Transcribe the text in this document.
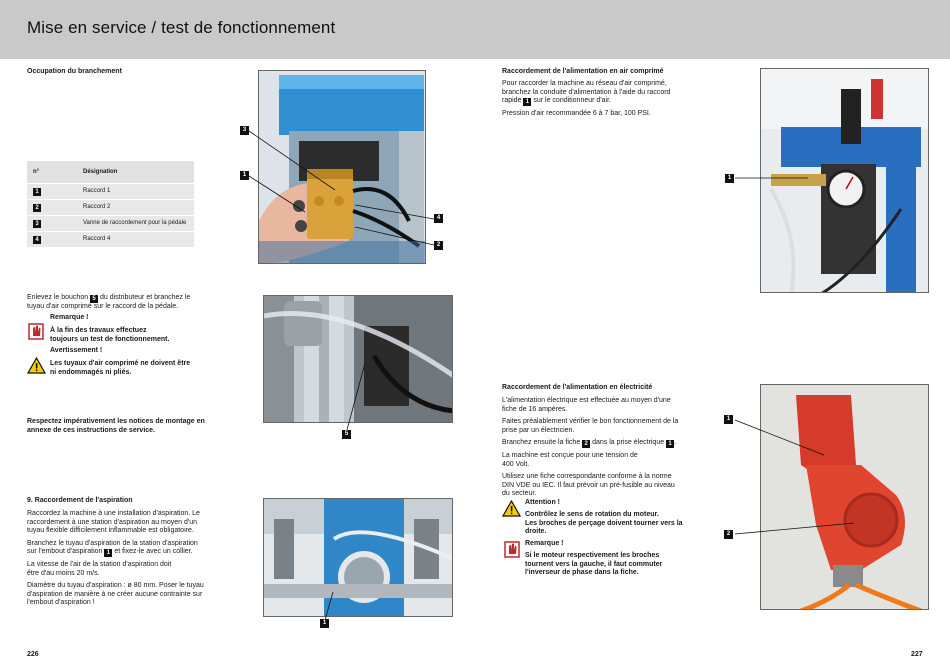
Mise en service / test de fonctionnement
Occupation du branchement
n°	Désignation
1	Raccord 1
2	Raccord 2
3	Vanne de raccordement pour la pédale
4	Raccord 4
3
1
4
2

Enlevez le bouchon 5 du distributeur et branchez le

tuyau d'air comprimé sur le raccord de la pédale.

Remarque !

À la fin des travaux effectuez

toujours un test de fonctionnement.

Avertissement !

Les tuyaux d'air comprimé ne doivent être

ni endommagés ni pliés.

5

Respectez impérativement les notices de montage en

annexe de ces instructions de service.

9. Raccordement de l'aspiration

Raccordez la machine à une installation d'aspiration. Le

raccordement à une station d'aspiration au moyen d'un

tuyau flexible difficilement inflammable est obligatoire.

Branchez le tuyau d'aspiration de la station d'aspiration

sur l'embout d'aspiration 1 et fixez-le avec un collier.

La vitesse de l'air de la station d'aspiration doit

être d'au moins 20 m/s.

Diamètre du tuyau d'aspiration : ø 80 mm. Poser le tuyau

d'aspiration de manière à ne créer aucune contrainte sur

l'embout d'aspiration !

1
226
Raccordement de l'alimentation en air comprimé

Pour raccorder la machine au réseau d'air comprimé,

branchez la conduite d'alimentation à l'aide du raccord

rapide 1 sur le conditionneur d'air.

Pression d'air recommandée 6 à 7 bar, 100 PSI.

1
Raccordement de l'alimentation en électricité

L'alimentation électrique est effectuée au moyen d'une

fiche de 16 ampères.

Faites préalablement vérifier le bon fonctionnement de la

prise par un électricien.

Branchez ensuite la fiche 2 dans la prise électrique 1 .

La machine est conçue pour une tension de

400 Volt.

Utilisez une fiche correspondante conforme à la norme

DIN VDE ou IEC. Il faut prévoir un pré-fusible au niveau

du secteur.

Attention !

Contrôlez le sens de rotation du moteur.

Les broches de perçage doivent tourner vers la

droite.

Remarque !

Si le moteur respectivement les broches

tournent vers la gauche, il faut commuter

l'inverseur de phase dans la fiche.

1
2
227
